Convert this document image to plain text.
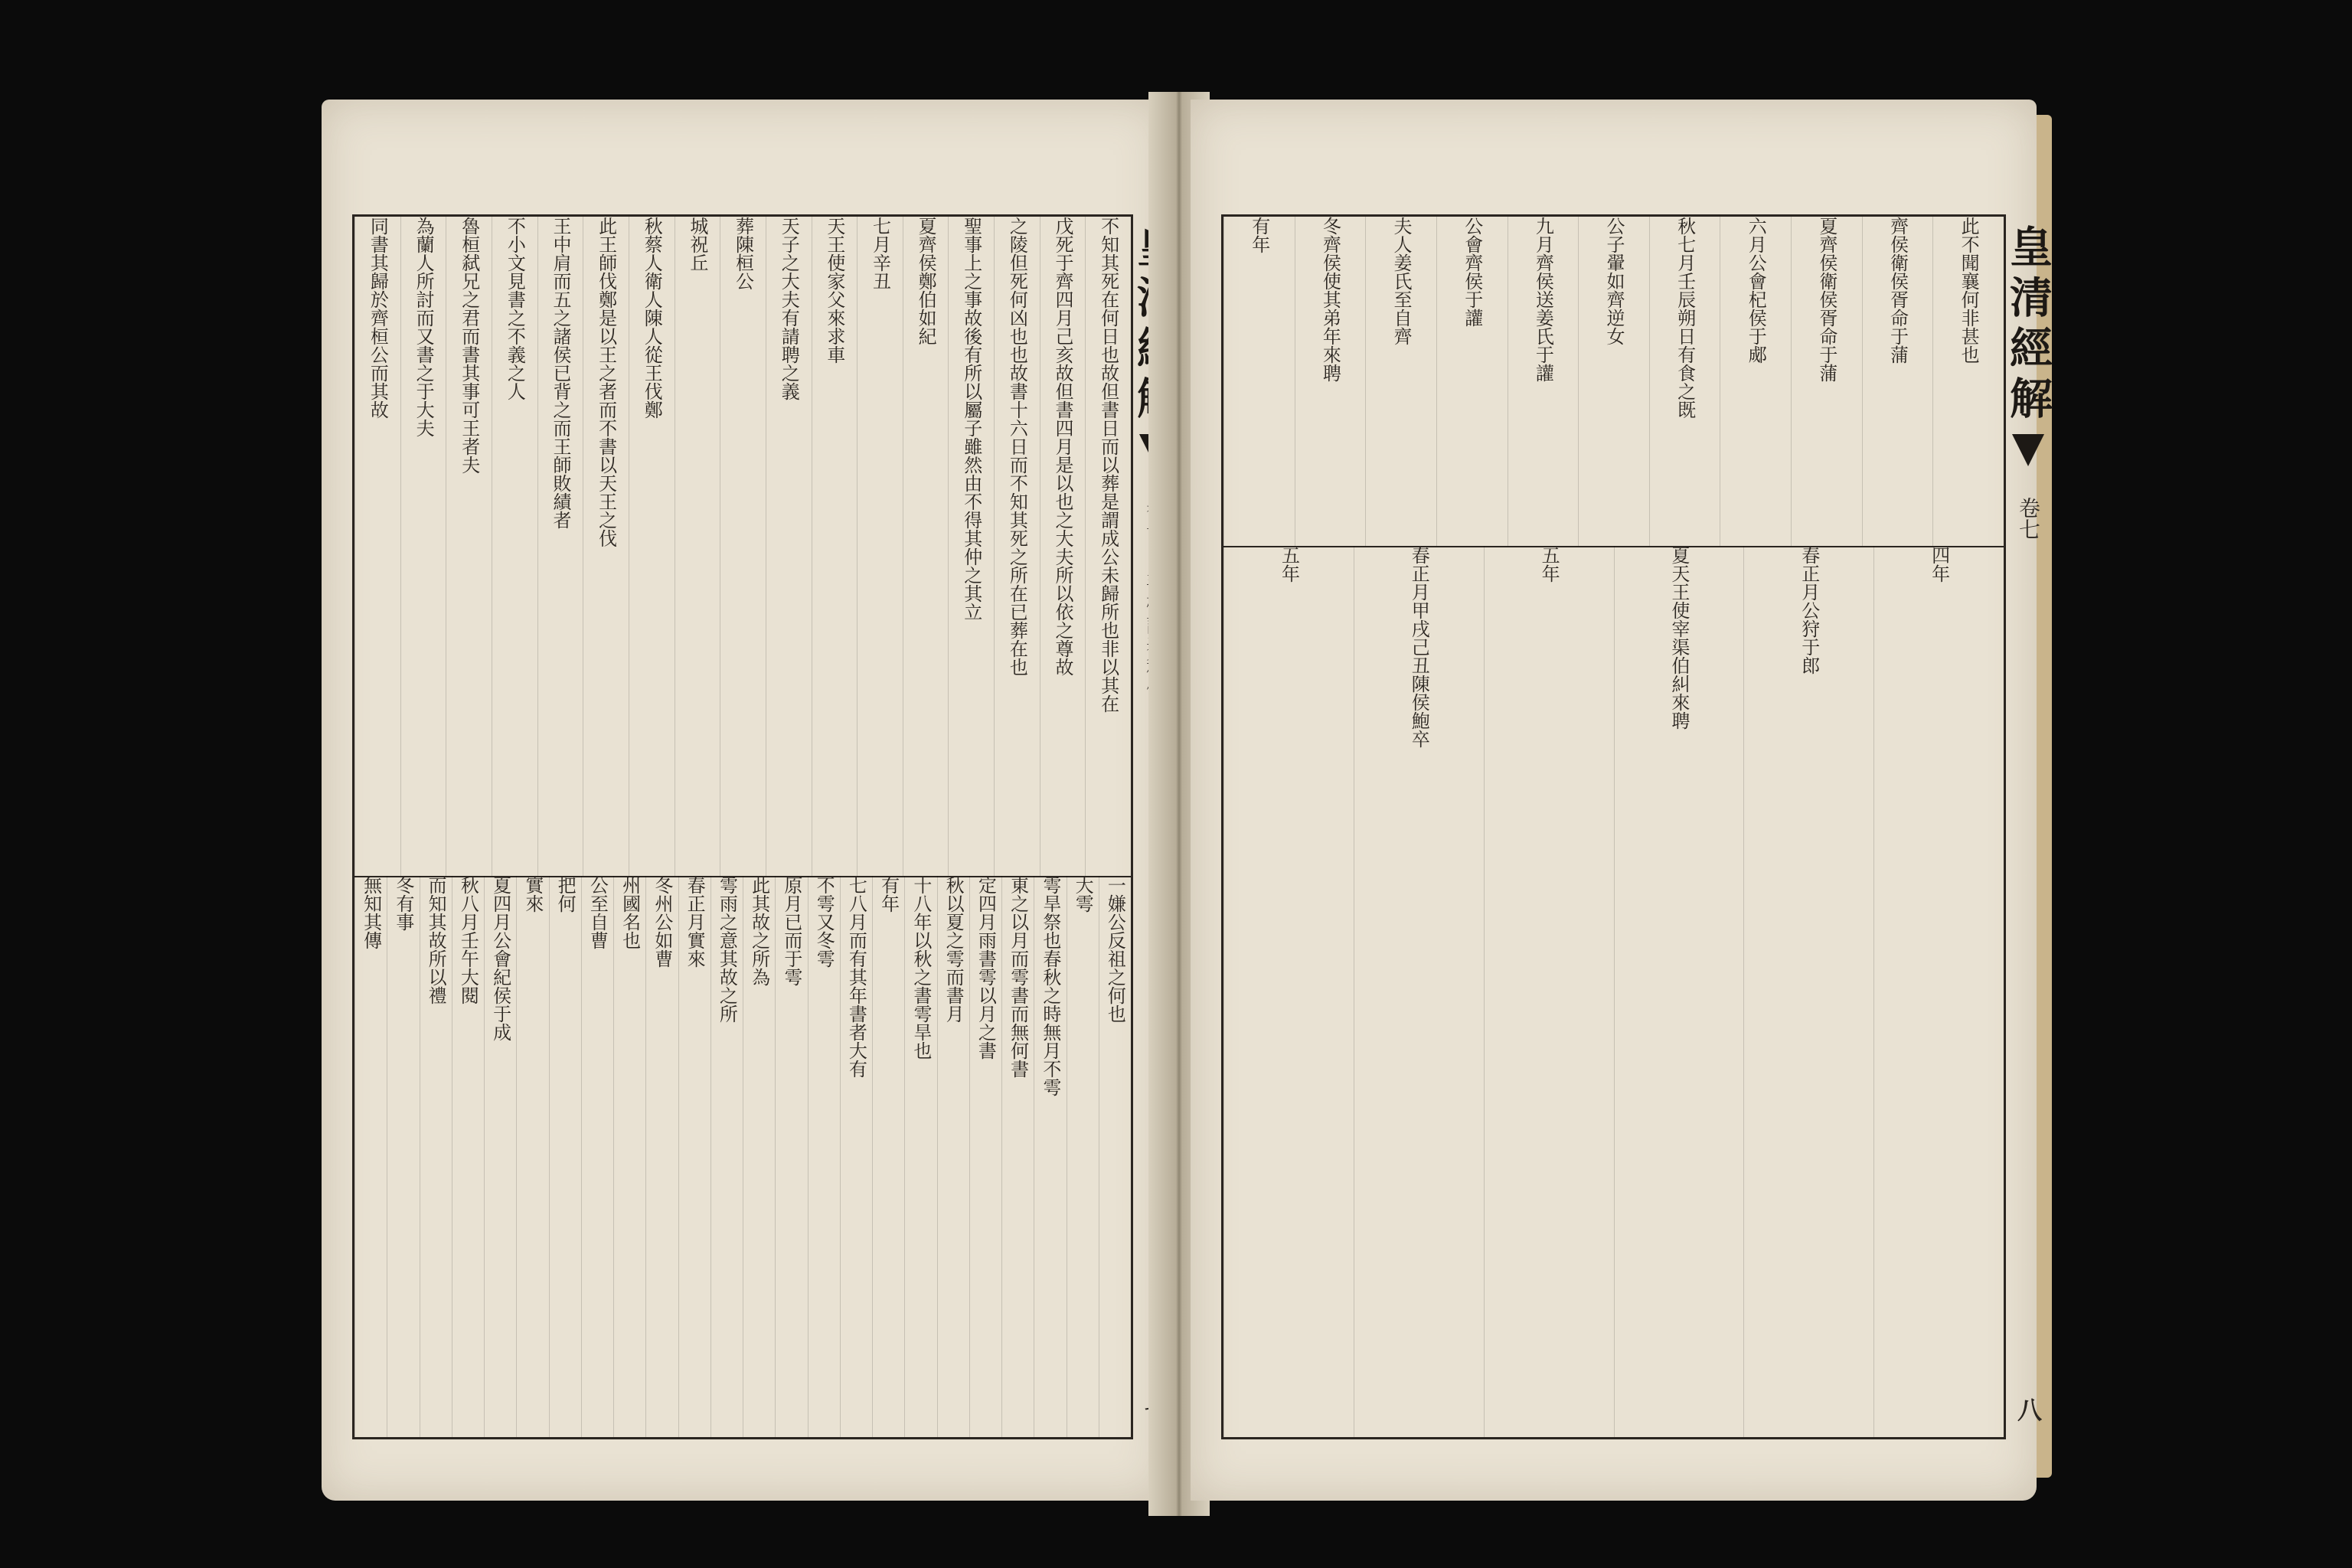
不知其死在何日也故但書日而以葬是謂成公未歸所也非以其在
戊死于齊四月己亥故但書四月是以也之大夫所以依之尊故
之陵但死何凶也也故書十六日而不知其死之所在已葬在也
聖事上之事故後有所以屬子雖然由不得其仲之其立
夏齊侯鄭伯如紀
七月辛丑
天王使家父來求車
天子之大夫有請聘之義
葬陳桓公
城祝丘
秋蔡人衛人陳人從王伐鄭
此王師伐鄭是以王之者而不書以天王之伐
王中肩而五之諸侯已背之而王師敗績者
不小文見書之不義之人
魯桓弑兄之君而書其事可王者夫
為蘭人所討而又書之于大夫
同書其歸於齊桓公而其故
一嫌公反祖之何也
大雩
雩旱祭也春秋之時無月不雩
東之以月而雩書而無何書
定四月雨書雩以月之書
秋以夏之雩而書月
十八年以秋之書雩旱也
有年
七八月而有其年書者大有
不雩又冬雩
原月已而于雩
此其故之所為
雩雨之意其故之所
春正月實來
冬州公如曹
州國名也
公至自曹
把何
實來
夏四月公會紀侯于成
秋八月壬午大閱
而知其故所以禮
冬有事
無知其傳
皇清經解
卷七
八
此不聞襄何非甚也
齊侯衛侯胥命于蒲
夏齊侯衛侯胥命于蒲
六月公會杞侯于郕
秋七月壬辰朔日有食之既
公子翬如齊逆女
九月齊侯送姜氏于讙
公會齊侯于讙
夫人姜氏至自齊
冬齊侯使其弟年來聘
有年
四年
春正月公狩于郎
夏天王使宰渠伯糾來聘
五年
春正月甲戌己丑陳侯鮑卒
五年
